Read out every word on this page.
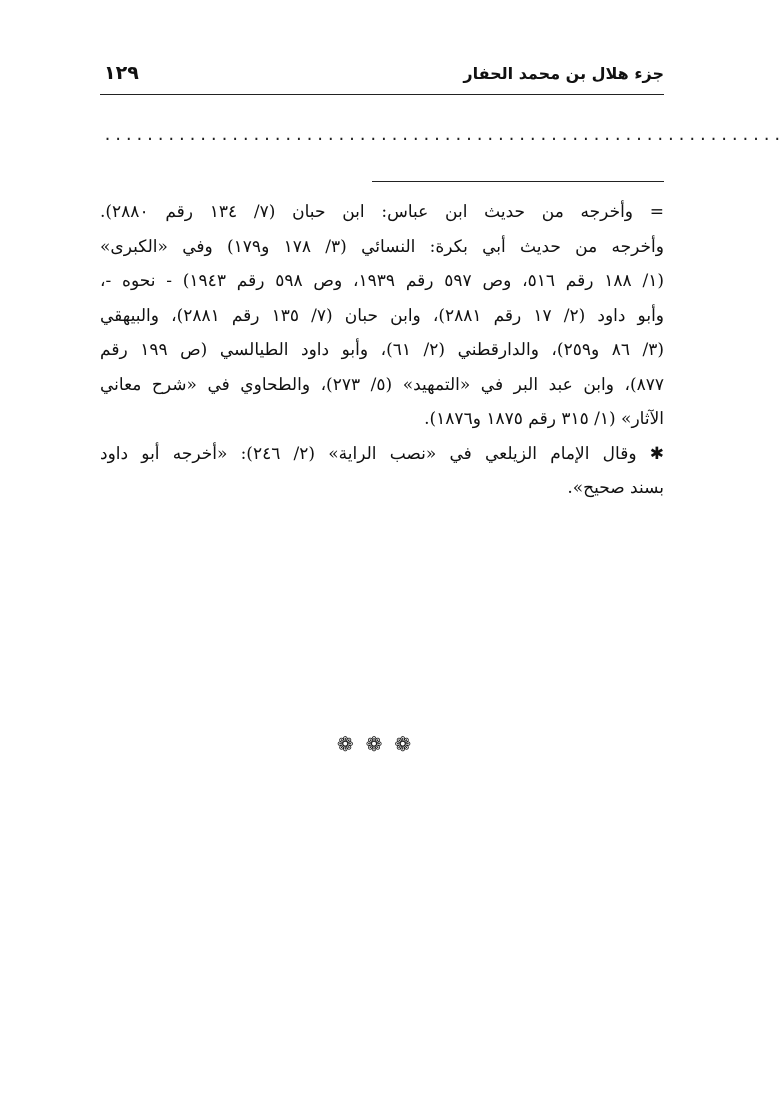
جزء هلال بن محمد الحفار
١٢٩
................................................................
= وأخرجه من حديث ابن عباس: ابن حبان (٧/ ١٣٤ رقم ٢٨٨٠).
وأخرجه من حديث أبي بكرة: النسائي (٣/ ١٧٨ و١٧٩) وفي «الكبرى»
(١/ ١٨٨ رقم ٥١٦، وص ٥٩٧ رقم ١٩٣٩، وص ٥٩٨ رقم ١٩٤٣) - نحوه -،
وأبو داود (٢/ ١٧ رقم ٢٨٨١)، وابن حبان (٧/ ١٣٥ رقم ٢٨٨١)، والبيهقي
(٣/ ٨٦ و٢٥٩)، والدارقطني (٢/ ٦١)، وأبو داود الطيالسي (ص ١٩٩ رقم
٨٧٧)، وابن عبد البر في «التمهيد» (٥/ ٢٧٣)، والطحاوي في «شرح معاني
الآثار» (١/ ٣١٥ رقم ١٨٧٥ و١٨٧٦).
✱ وقال الإمام الزيلعي في «نصب الراية» (٢/ ٢٤٦): «أخرجه أبو داود
بسند صحيح».
❁❁❁
